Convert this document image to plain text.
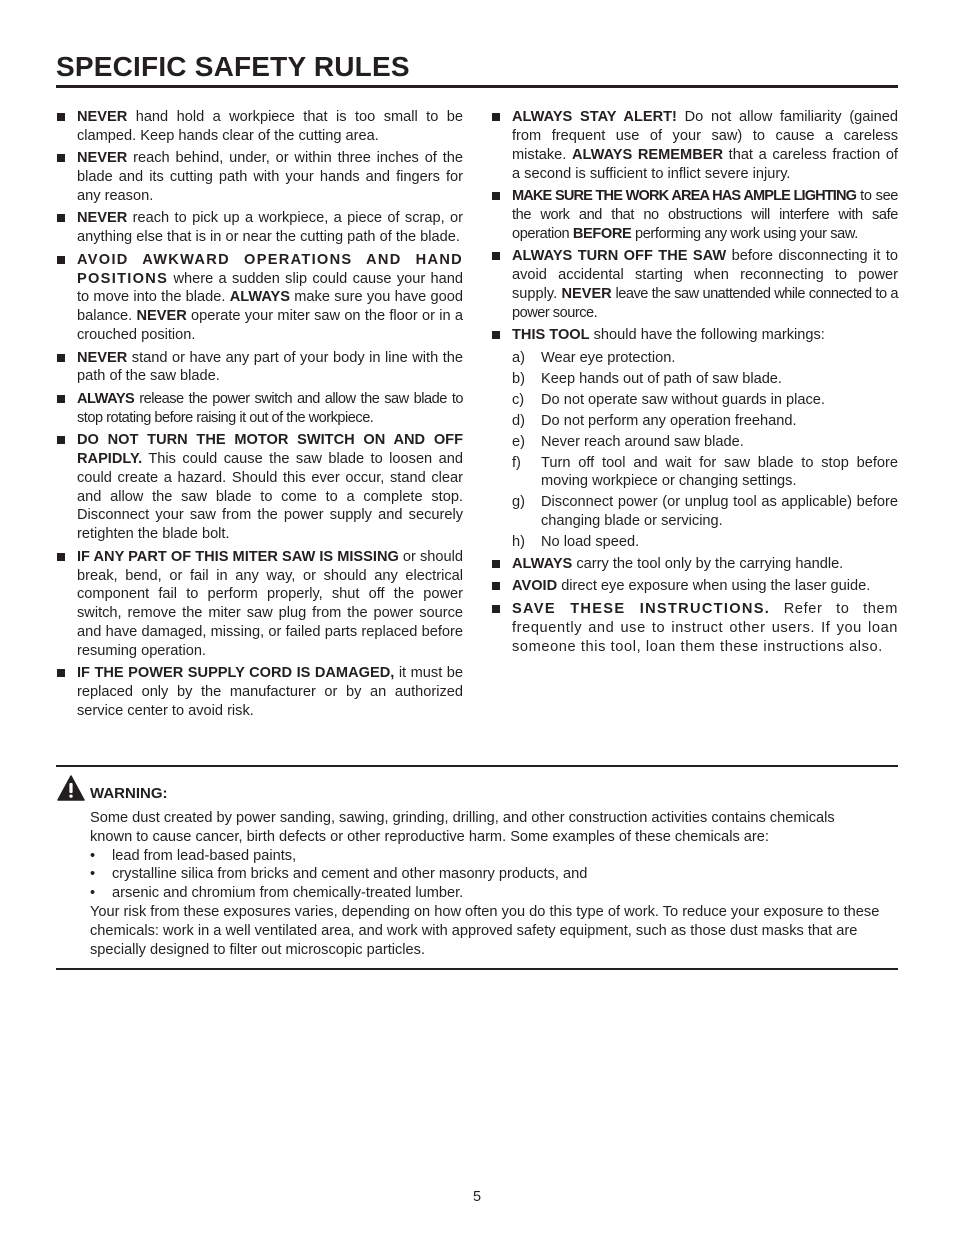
SPECIFIC SAFETY RULES
NEVER hand hold a workpiece that is too small to be clamped. Keep hands clear of the cutting area.
NEVER reach behind, under, or within three inches of the blade and its cutting path with your hands and fingers for any reason.
NEVER reach to pick up a workpiece, a piece of scrap, or anything else that is in or near the cutting path of the blade.
AVOID AWKWARD OPERATIONS AND HAND POSITIONS where a sudden slip could cause your hand to move into the blade. ALWAYS make sure you have good balance. NEVER operate your miter saw on the floor or in a crouched position.
NEVER stand or have any part of your body in line with the path of the saw blade.
ALWAYS release the power switch and allow the saw blade to stop rotating before raising it out of the workpiece.
DO NOT TURN THE MOTOR SWITCH ON AND OFF RAPIDLY. This could cause the saw blade to loosen and could create a hazard. Should this ever occur, stand clear and allow the saw blade to come to a complete stop. Disconnect your saw from the power supply and securely retighten the blade bolt.
IF ANY PART OF THIS MITER SAW IS MISSING or should break, bend, or fail in any way, or should any electrical component fail to perform properly, shut off the power switch, remove the miter saw plug from the power source and have damaged, missing, or failed parts replaced before resuming operation.
IF THE POWER SUPPLY CORD IS DAMAGED, it must be replaced only by the manufacturer or by an authorized service center to avoid risk.
ALWAYS STAY ALERT! Do not allow familiarity (gained from frequent use of your saw) to cause a careless mistake. ALWAYS REMEMBER that a careless fraction of a second is sufficient to inflict severe injury.
MAKE SURE THE WORK AREA HAS AMPLE LIGHTING to see the work and that no obstructions will interfere with safe operation BEFORE performing any work using your saw.
ALWAYS TURN OFF THE SAW before disconnecting it to avoid accidental starting when reconnecting to power supply. NEVER leave the saw unattended while connected to a power source.
THIS TOOL should have the following markings:
a) Wear eye protection.
b) Keep hands out of path of saw blade.
c) Do not operate saw without guards in place.
d) Do not perform any operation freehand.
e) Never reach around saw blade.
f) Turn off tool and wait for saw blade to stop before moving workpiece or changing settings.
g) Disconnect power (or unplug tool as applicable) before changing blade or servicing.
h) No load speed.
ALWAYS carry the tool only by the carrying handle.
AVOID direct eye exposure when using the laser guide.
SAVE THESE INSTRUCTIONS. Refer to them frequently and use to instruct other users. If you loan someone this tool, loan them these instructions also.
WARNING:

Some dust created by power sanding, sawing, grinding, drilling, and other construction activities contains chemicals known to cause cancer, birth defects or other reproductive harm. Some examples of these chemicals are:

• lead from lead-based paints,
• crystalline silica from bricks and cement and other masonry products, and
• arsenic and chromium from chemically-treated lumber.

Your risk from these exposures varies, depending on how often you do this type of work. To reduce your exposure to these chemicals: work in a well ventilated area, and work with approved safety equipment, such as those dust masks that are specially designed to filter out microscopic particles.

5
